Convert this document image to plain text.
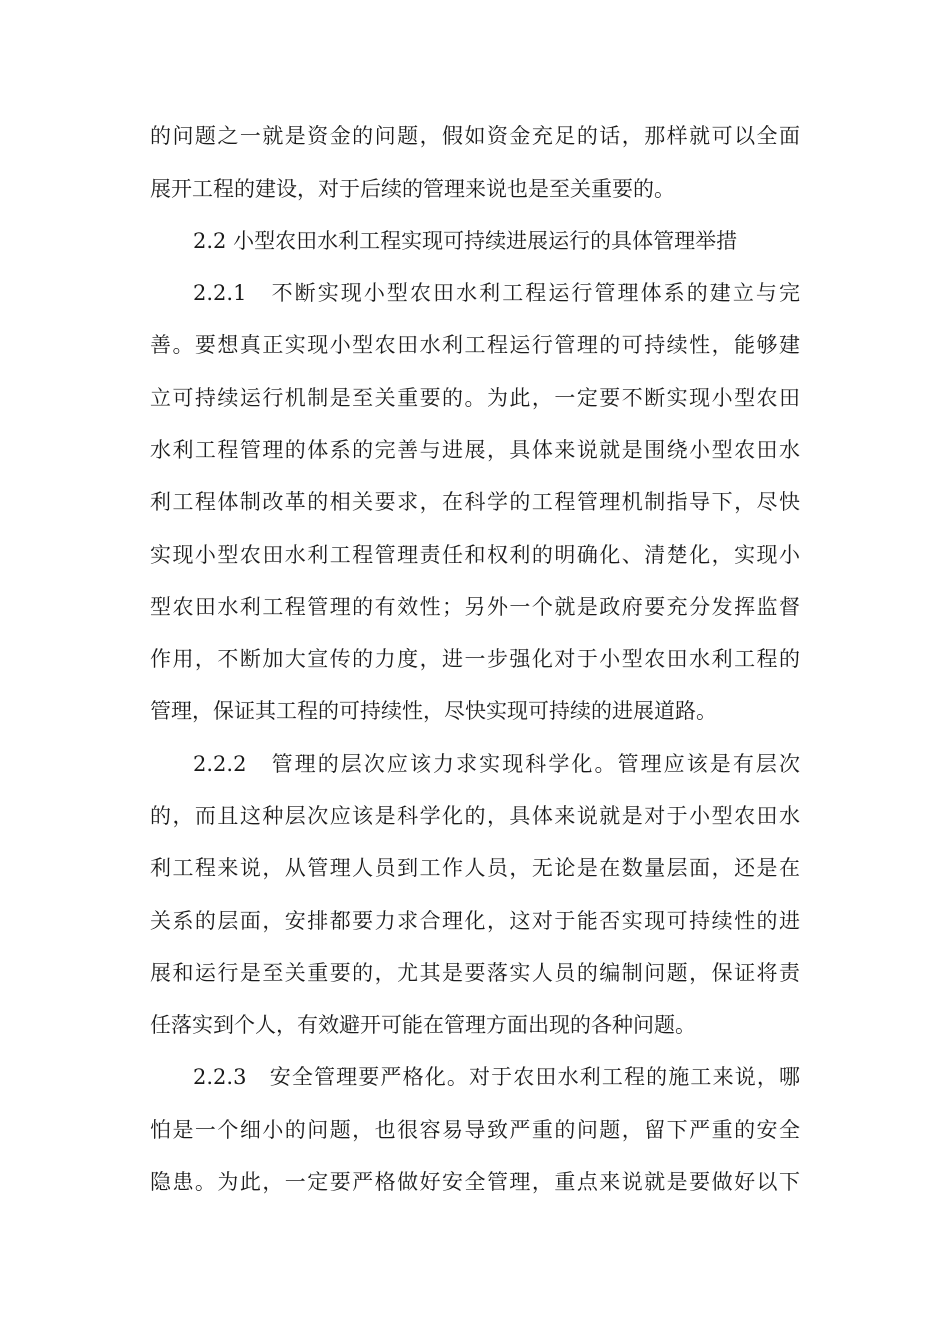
的问题之一就是资金的问题，假如资金充足的话，那样就可以全面
展开工程的建设，对于后续的管理来说也是至关重要的。
2.2 小型农田水利工程实现可持续进展运行的具体管理举措
2.2.1　不断实现小型农田水利工程运行管理体系的建立与完
善。要想真正实现小型农田水利工程运行管理的可持续性，能够建
立可持续运行机制是至关重要的。为此，一定要不断实现小型农田
水利工程管理的体系的完善与进展，具体来说就是围绕小型农田水
利工程体制改革的相关要求，在科学的工程管理机制指导下，尽快
实现小型农田水利工程管理责任和权利的明确化、清楚化，实现小
型农田水利工程管理的有效性；另外一个就是政府要充分发挥监督
作用，不断加大宣传的力度，进一步强化对于小型农田水利工程的
管理，保证其工程的可持续性，尽快实现可持续的进展道路。
2.2.2　管理的层次应该力求实现科学化。管理应该是有层次
的，而且这种层次应该是科学化的，具体来说就是对于小型农田水
利工程来说，从管理人员到工作人员，无论是在数量层面，还是在
关系的层面，安排都要力求合理化，这对于能否实现可持续性的进
展和运行是至关重要的，尤其是要落实人员的编制问题，保证将责
任落实到个人，有效避开可能在管理方面出现的各种问题。
2.2.3　安全管理要严格化。对于农田水利工程的施工来说，哪
怕是一个细小的问题，也很容易导致严重的问题，留下严重的安全
隐患。为此，一定要严格做好安全管理，重点来说就是要做好以下
